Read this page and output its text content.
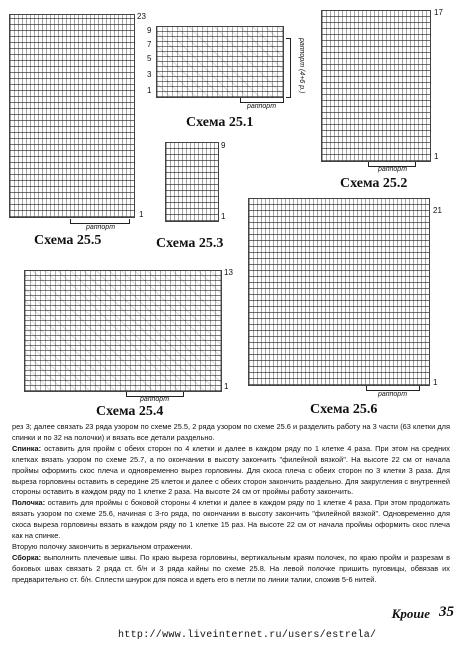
23
1
раппорт
Схема 25.5
9
7
5
3
1	раппорт (4+6 р.)
раппорт
Схема 25.1
17
1
раппорт
Схема 25.2
9
1
Схема 25.3
13
1
раппорт
Схема 25.4
21
1
раппорт
Схема 25.6

рез 3; далее связать 23 ряда узором по схеме 25.5, 2 ряда узором по схеме 25.6 и разделить работу на 3 части (63 клетки для спинки и по 32 на полочки) и вязать все детали раздельно.

Спинка: оставить для пройм с обеих сторон по 4 клетки и далее в каждом ряду по 1 клетке 4 раза. При этом на средних клетках вязать узором по схеме 25.7, а по окончании в высоту закончить "филейной вязкой". На высоте 22 см от начала проймы оформить скос плеча и одновременно вырез горловины. Для скоса плеча с обеих сторон по 3 клетки 3 раза. Для выреза горловины оставить в середине 25 клеток и далее с обеих сторон закончить раздельно. Для закругления с внутренней стороны оставить в каждом ряду по 1 клетке 2 раза. На высоте 24 см от проймы работу закончить.

Полочка: оставить для проймы с боковой стороны 4 клетки и далее в каждом ряду по 1 клетке 4 раза. При этом продолжать вязать узором по схеме 25.6, начиная с 3-го ряда, по окончании в высоту закончить "филейной вязкой". Одновременно для скоса выреза горловины вязать в каждом ряду по 1 клетке 15 раз. На высоте 22 см от начала проймы оформить скос плеча как на спинке.

Вторую полочку закончить в зеркальном отражении.

Сборка: выполнить плечевые швы. По краю выреза горловины, вертикальным краям полочек, по краю пройм и разрезам в боковых швах связать 2 ряда ст. б/н и 3 ряда кайны по схеме 25.8. На левой полочке пришить пуговицы, обвязав их предварительно ст. б/н. Сплести шнурок для пояса и вдеть его в петли по линии талии, сложив 5-6 нитей.

Кроше 35
http://www.liveinternet.ru/users/estrela/
